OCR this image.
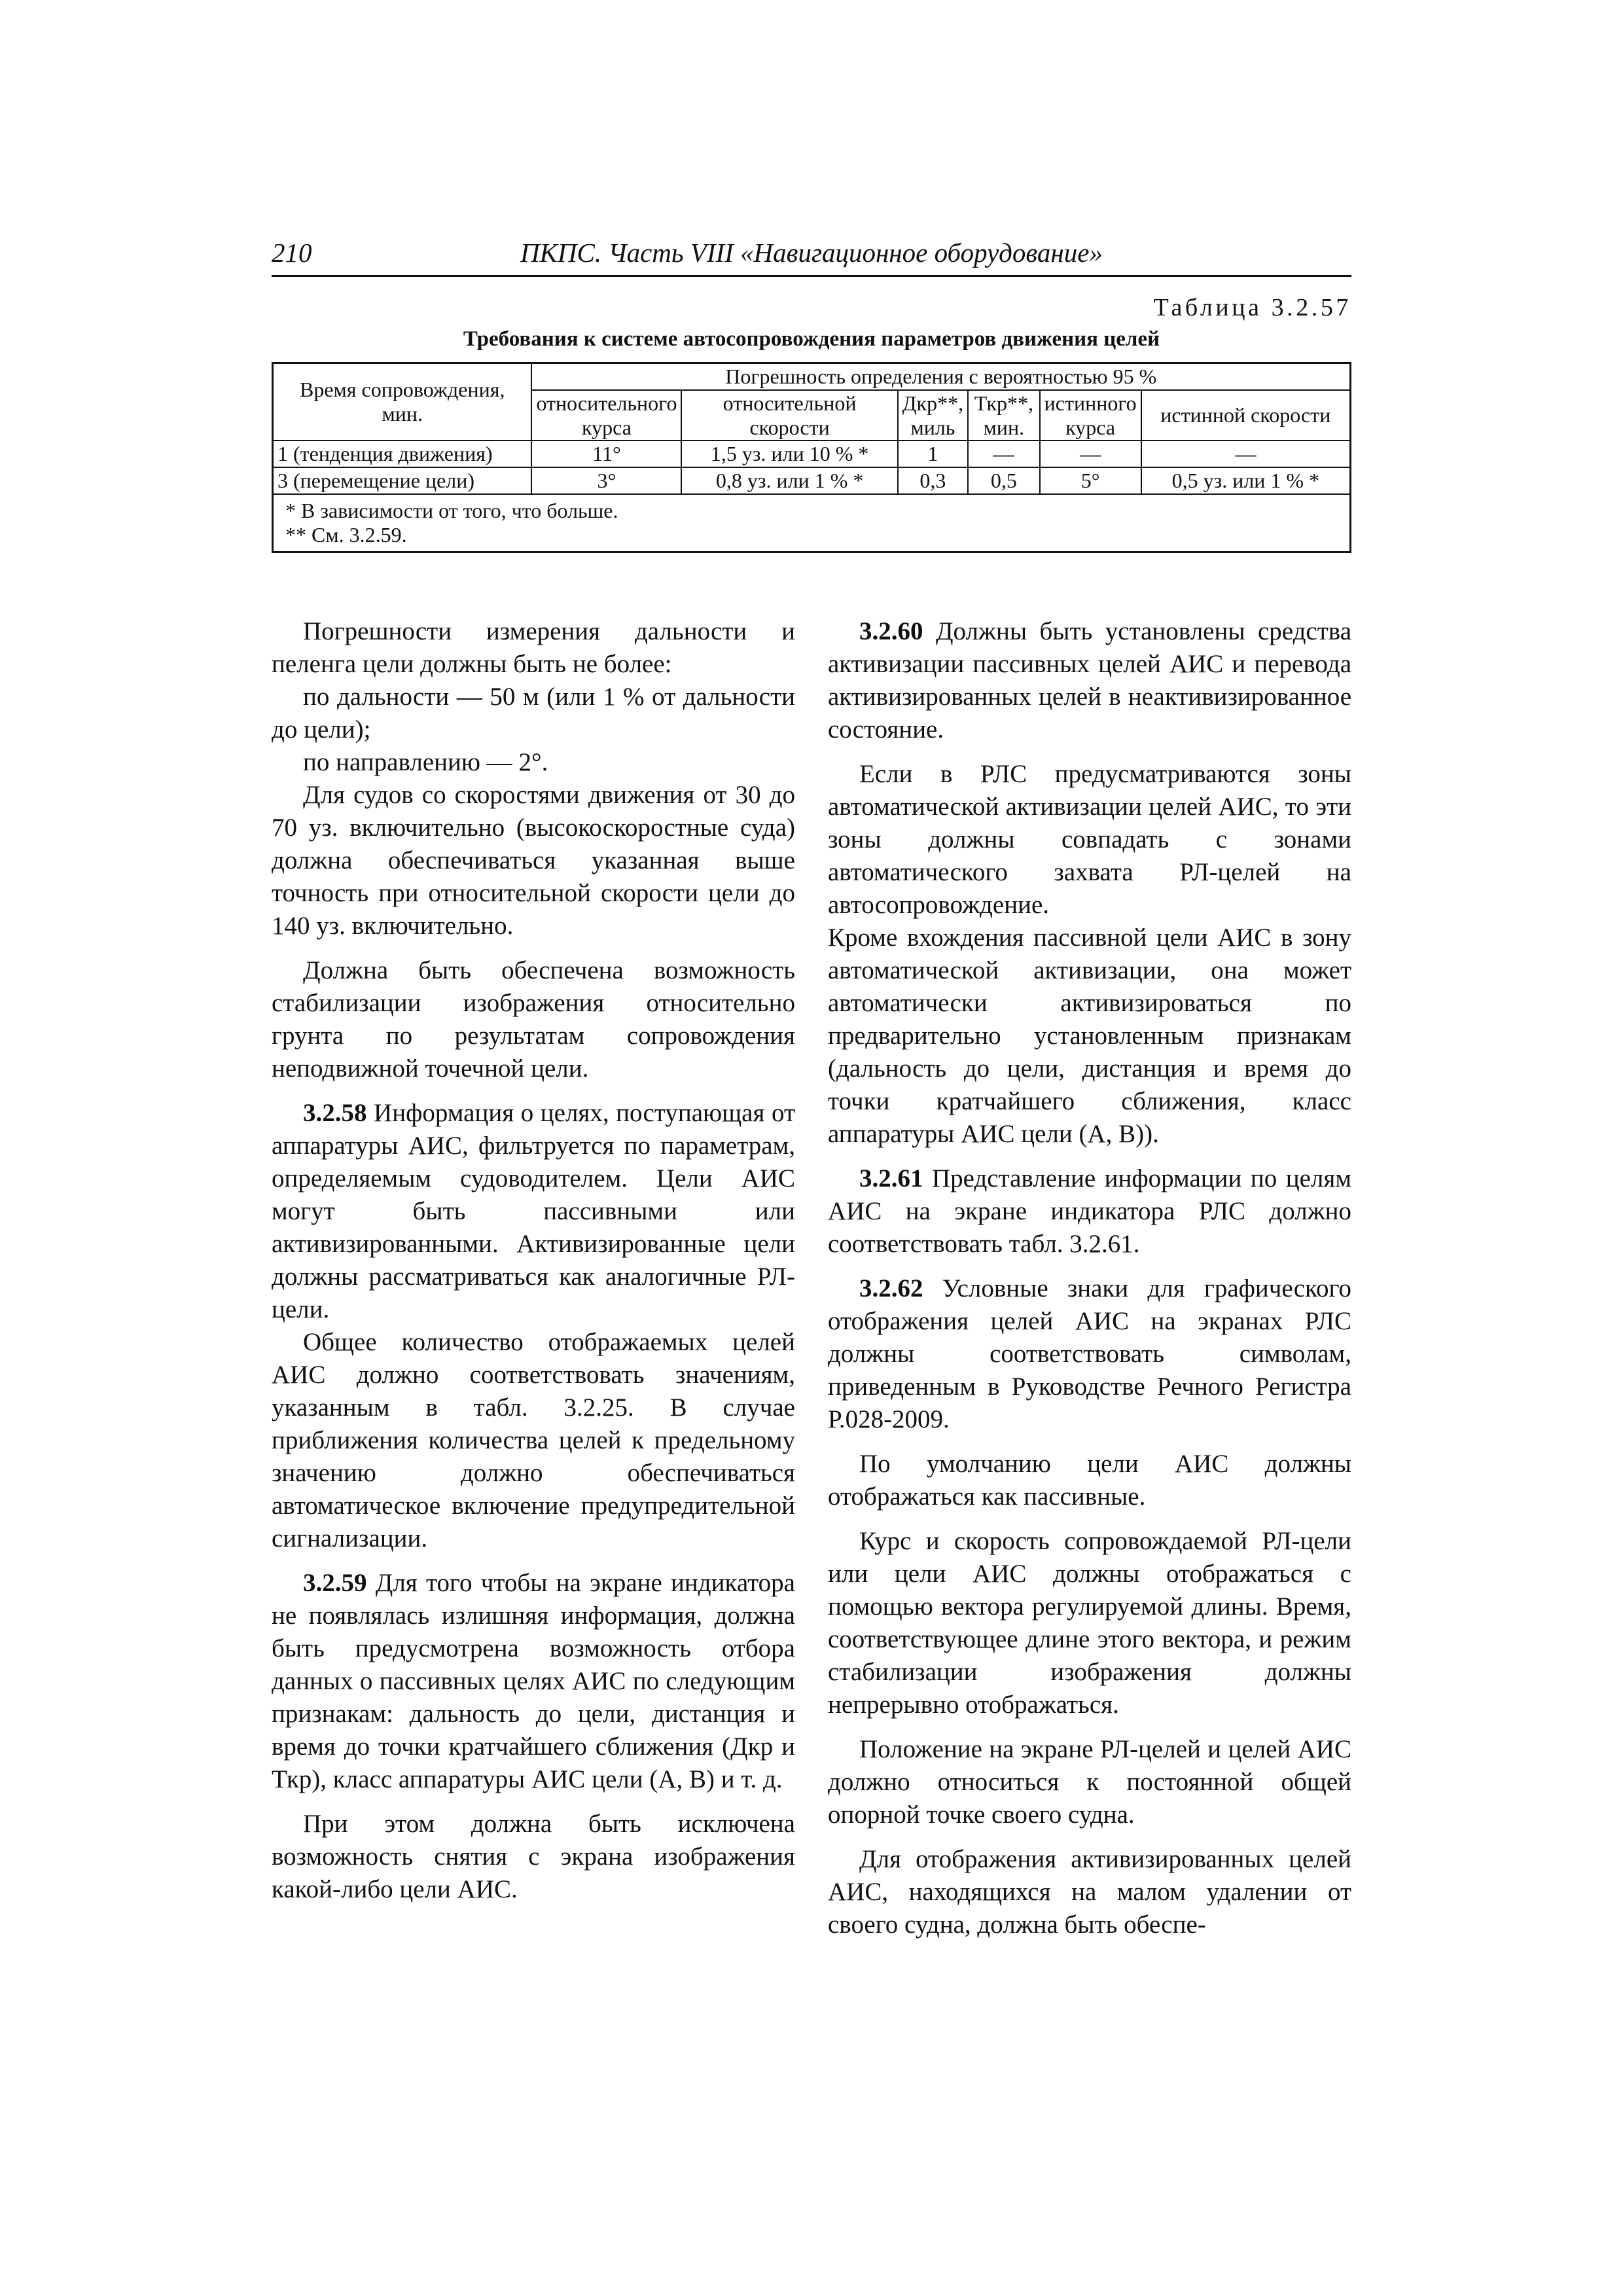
210	ПКПС. Часть VIII «Навигационное оборудование»
Таблица 3.2.57
Требования к системе автосопровождения параметров движения целей
Время сопровождения, мин.	Погрешность определения с вероятностью 95 %					
	относительного курса	относительной скорости	Дкр**, миль	Ткр**, мин.	истинного курса	истинной скорости
1 (тенденция движения)	11°	1,5 уз. или 10 % *	1	—	—	—
3 (перемещение цели)	3°	0,8 уз. или 1 % *	0,3	0,5	5°	0,5 уз. или 1 % *

* В зависимости от того, что больше.
** См. 3.2.59.						

Погрешности измерения дальности и пеленга цели должны быть не более:

по дальности — 50 м (или 1 % от дальности до цели);

по направлению — 2°.

Для судов со скоростями движения от 30 до 70 уз. включительно (высокоскоростные суда) должна обеспечиваться указанная выше точность при относительной скорости цели до 140 уз. включительно.

Должна быть обеспечена возможность стабилизации изображения относительно грунта по результатам сопровождения неподвижной точечной цели.

3.2.58 Информация о целях, поступающая от аппаратуры АИС, фильтруется по параметрам, определяемым судоводителем. Цели АИС могут быть пассивными или активизированными. Активизированные цели должны рассматриваться как аналогичные РЛ-цели.

Общее количество отображаемых целей АИС должно соответствовать значениям, указанным в табл. 3.2.25. В случае приближения количества целей к предельному значению должно обеспечиваться автоматическое включение предупредительной сигнализации.

3.2.59 Для того чтобы на экране индикатора не появлялась излишняя информация, должна быть предусмотрена возможность отбора данных о пассивных целях АИС по следующим признакам: дальность до цели, дистанция и время до точки кратчайшего сближения (Дкр и Ткр), класс аппаратуры АИС цели (А, В) и т. д.

При этом должна быть исключена возможность снятия с экрана изображения какой-либо цели АИС.

3.2.60 Должны быть установлены средства активизации пассивных целей АИС и перевода активизированных целей в неактивизированное состояние.

Если в РЛС предусматриваются зоны автоматической активизации целей АИС, то эти зоны должны совпадать с зонами автоматического захвата РЛ-целей на автосопровождение.

Кроме вхождения пассивной цели АИС в зону автоматической активизации, она может автоматически активизироваться по предварительно установленным признакам (дальность до цели, дистанция и время до точки кратчайшего сближения, класс аппаратуры АИС цели (А, В)).

3.2.61 Представление информации по целям АИС на экране индикатора РЛС должно соответствовать табл. 3.2.61.

3.2.62 Условные знаки для графического отображения целей АИС на экранах РЛС должны соответствовать символам, приведенным в Руководстве Речного Регистра Р.028-2009.

По умолчанию цели АИС должны отображаться как пассивные.

Курс и скорость сопровождаемой РЛ-цели или цели АИС должны отображаться с помощью вектора регулируемой длины. Время, соответствующее длине этого вектора, и режим стабилизации изображения должны непрерывно отображаться.

Положение на экране РЛ-целей и целей АИС должно относиться к постоянной общей опорной точке своего судна.

Для отображения активизированных целей АИС, находящихся на малом удалении от своего судна, должна быть обеспе-
